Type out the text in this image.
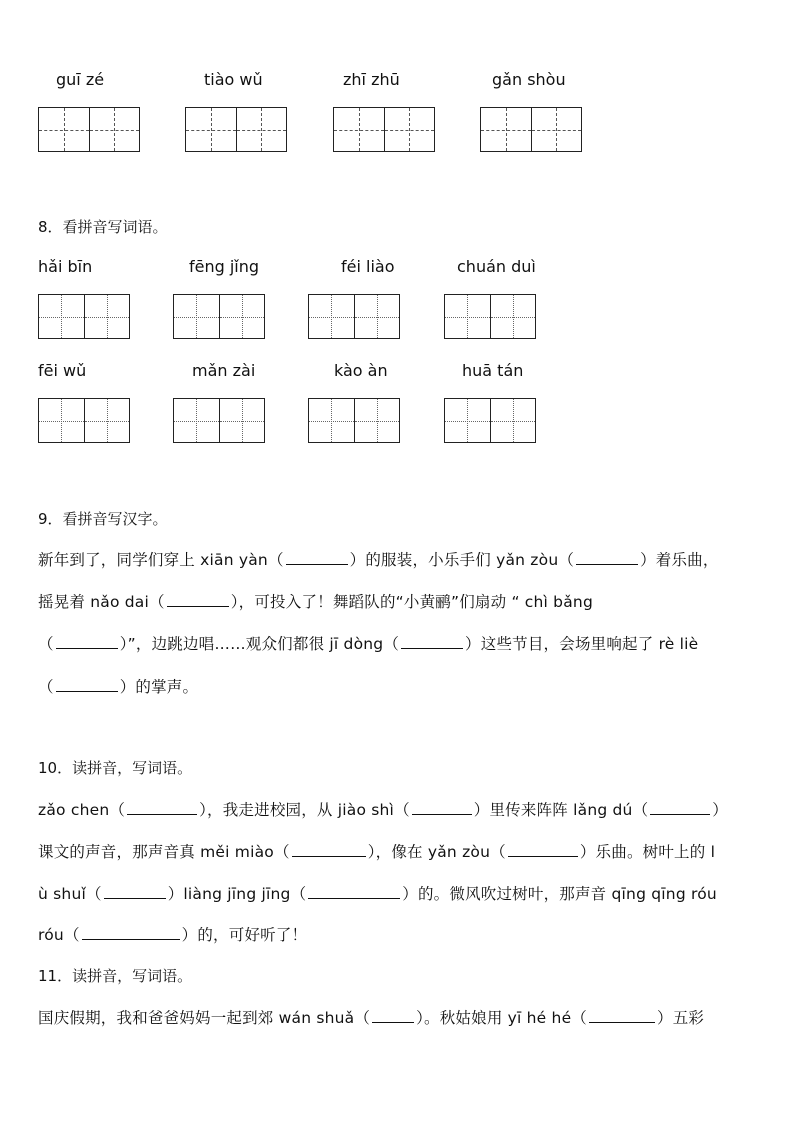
guī zé	tiào wǔ	zhī zhū	gǎn shòu
8．看拼音写词语。
hǎi bīn	fēng jǐng	féi liào	chuán duì
fēi wǔ	mǎn zài	kào àn	huā tán
9．看拼音写汉字。
新年到了，同学们穿上 xiān yàn（	）的服装，小乐手们 yǎn zòu（	）着乐曲，
摇晃着 nǎo dai（	），可投入了！舞蹈队的“小黄鹂”们扇动 “ chì bǎng
（	）”，边跳边唱……观众们都很 jī dòng（	）这些节目，会场里响起了 rè liè
（	）的掌声。
10．读拼音，写词语。
zǎo chen（	），我走进校园，从 jiào shì（	）里传来阵阵 lǎng dú（	）
课文的声音，那声音真 měi miào（	），像在 yǎn zòu（	）乐曲。树叶上的 l
ù shuǐ（	）liàng jīng jīng（	）的。微风吹过树叶，那声音 qīng qīng róu
róu（	）的，可好听了！
11．读拼音，写词语。
国庆假期，我和爸爸妈妈一起到郊 wán shuǎ（	）。秋姑娘用 yī hé hé（	）五彩
